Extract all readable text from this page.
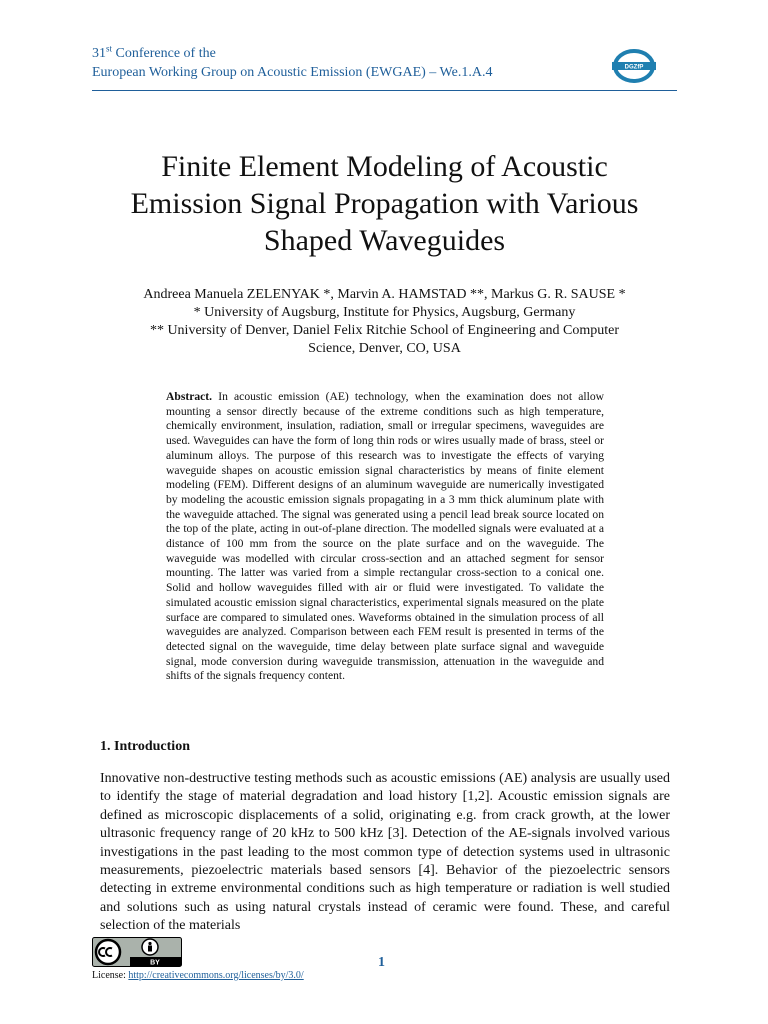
31st Conference of the
European Working Group on Acoustic Emission (EWGAE) – We.1.A.4	DGZfP
Finite Element Modeling of Acoustic
Emission Signal Propagation with Various
Shaped Waveguides
Andreea Manuela ZELENYAK *, Marvin A. HAMSTAD **, Markus G. R. SAUSE *
* University of Augsburg, Institute for Physics, Augsburg, Germany
** University of Denver, Daniel Felix Ritchie School of Engineering and Computer
Science, Denver, CO, USA
Abstract. In acoustic emission (AE) technology, when the examination does not allow mounting a sensor directly because of the extreme conditions such as high temperature, chemically environment, insulation, radiation, small or irregular specimens, waveguides are used. Waveguides can have the form of long thin rods or wires usually made of brass, steel or aluminum alloys. The purpose of this research was to investigate the effects of varying waveguide shapes on acoustic emission signal characteristics by means of finite element modeling (FEM). Different designs of an aluminum waveguide are numerically investigated by modeling the acoustic emission signals propagating in a 3 mm thick aluminum plate with the waveguide attached. The signal was generated using a pencil lead break source located on the top of the plate, acting in out-of-plane direction. The modelled signals were evaluated at a distance of 100 mm from the source on the plate surface and on the waveguide. The waveguide was modelled with circular cross-section and an attached segment for sensor mounting. The latter was varied from a simple rectangular cross-section to a conical one. Solid and hollow waveguides filled with air or fluid were investigated. To validate the simulated acoustic emission signal characteristics, experimental signals measured on the plate surface are compared to simulated ones. Waveforms obtained in the simulation process of all waveguides are analyzed. Comparison between each FEM result is presented in terms of the detected signal on the waveguide, time delay between plate surface signal and waveguide signal, mode conversion during waveguide transmission, attenuation in the waveguide and shifts of the signals frequency content.
1. Introduction
Innovative non-destructive testing methods such as acoustic emissions (AE) analysis are usually used to identify the stage of material degradation and load history [1,2]. Acoustic emission signals are defined as microscopic displacements of a solid, originating e.g. from crack growth, at the lower ultrasonic frequency range of 20 kHz to 500 kHz [3]. Detection of the AE-signals involved various investigations in the past leading to the most common type of detection systems used in ultrasonic measurements, piezoelectric materials based sensors [4]. Behavior of the piezoelectric sensors detecting in extreme environmental conditions such as high temperature or radiation is well studied and solutions such as using natural crystals instead of ceramic were found. These, and careful selection of the materials
BY
License: http://creativecommons.org/licenses/by/3.0/
1
